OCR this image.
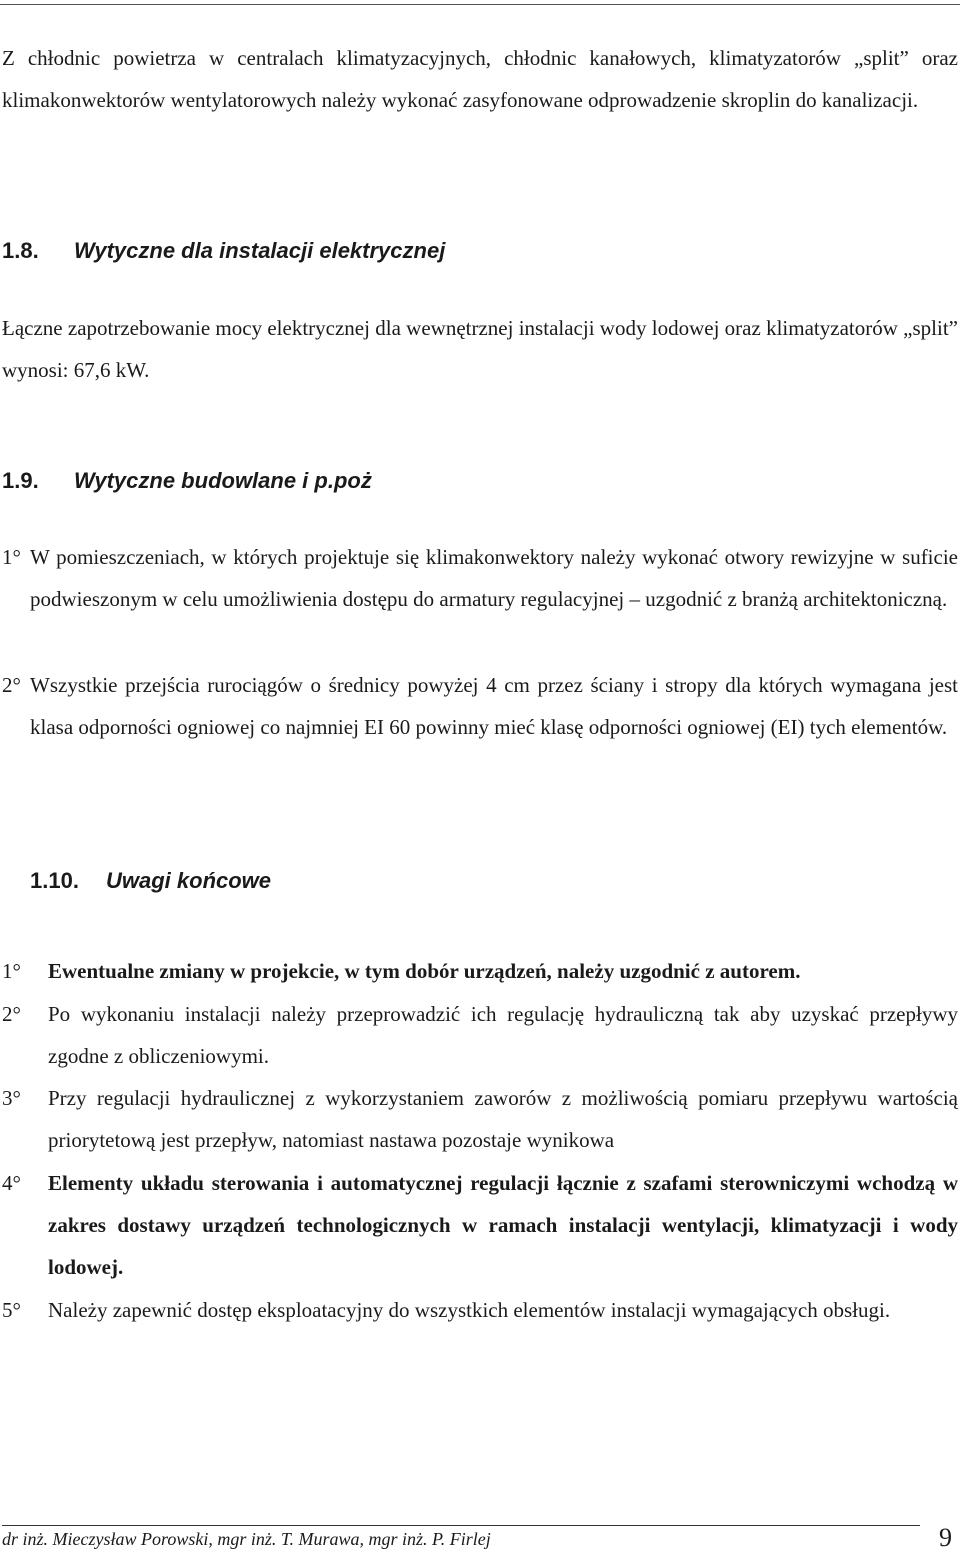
Z chłodnic powietrza w centralach klimatyzacyjnych, chłodnic kanałowych, klimatyzatorów „split” oraz klimakonwektorów wentylatorowych należy wykonać zasyfonowane odprowadzenie skroplin do kanalizacji.

1.8. Wytyczne dla instalacji elektrycznej

Łączne zapotrzebowanie mocy elektrycznej dla wewnętrznej instalacji wody lodowej oraz klimatyzatorów „split” wynosi: 67,6 kW.

1.9. Wytyczne budowlane i p.poż
1° W pomieszczeniach, w których projektuje się klimakonwektory należy wykonać otwory rewizyjne w suficie podwieszonym w celu umożliwienia dostępu do armatury regulacyjnej – uzgodnić z branżą architektoniczną.
2° Wszystkie przejścia rurociągów o średnicy powyżej 4 cm przez ściany i stropy dla których wymagana jest klasa odporności ogniowej co najmniej EI 60 powinny mieć klasę odporności ogniowej (EI) tych elementów.
1.10. Uwagi końcowe
1° Ewentualne zmiany w projekcie, w tym dobór urządzeń, należy uzgodnić z autorem.
2° Po wykonaniu instalacji należy przeprowadzić ich regulację hydrauliczną tak aby uzyskać przepływy zgodne z obliczeniowymi.
3° Przy regulacji hydraulicznej z wykorzystaniem zaworów z możliwością pomiaru przepływu wartością priorytetową jest przepływ, natomiast nastawa pozostaje wynikowa
4° Elementy układu sterowania i automatycznej regulacji łącznie z szafami sterowniczymi wchodzą w zakres dostawy urządzeń technologicznych w ramach instalacji wentylacji, klimatyzacji i wody lodowej.
5° Należy zapewnić dostęp eksploatacyjny do wszystkich elementów instalacji wymagających obsługi.
dr inż. Mieczysław Porowski, mgr inż. T. Murawa, mgr inż. P. Firlej	9
